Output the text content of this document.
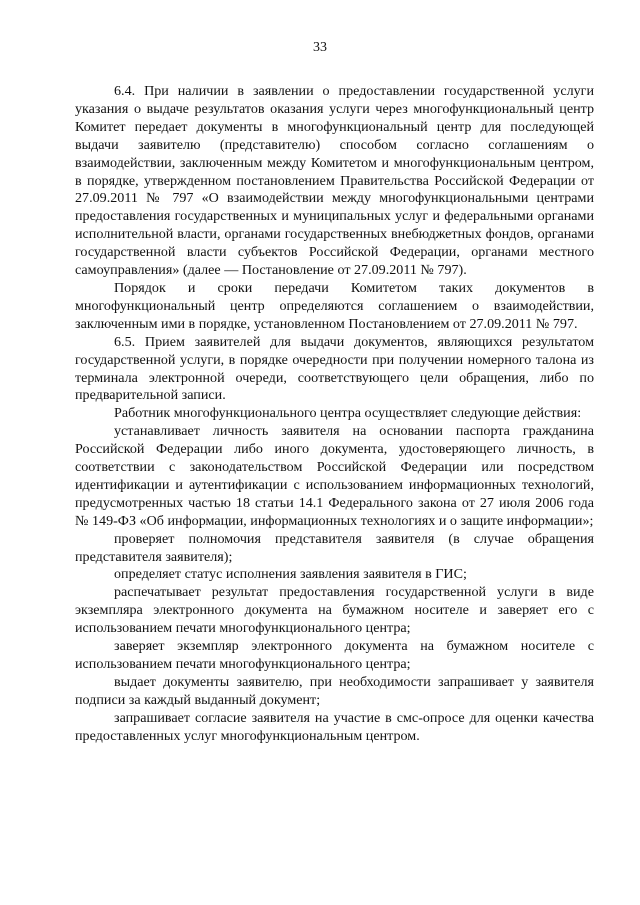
33

6.4. При наличии в заявлении о предоставлении государственной услуги указания о выдаче результатов оказания услуги через многофункциональный центр Комитет передает документы в многофункциональный центр для последующей выдачи заявителю (представителю) способом согласно соглашениям о взаимодействии, заключенным между Комитетом и многофункциональным центром, в порядке, утвержденном постановлением Правительства Российской Федерации от 27.09.2011 № 797 «О взаимодействии между многофункциональными центрами предоставления государственных и муниципальных услуг и федеральными органами исполнительной власти, органами государственных внебюджетных фондов, органами государственной власти субъектов Российской Федерации, органами местного самоуправления» (далее — Постановление от 27.09.2011 № 797).

Порядок и сроки передачи Комитетом таких документов в многофункциональный центр определяются соглашением о взаимодействии, заключенным ими в порядке, установленном Постановлением от 27.09.2011 № 797.

6.5. Прием заявителей для выдачи документов, являющихся результатом государственной услуги, в порядке очередности при получении номерного талона из терминала электронной очереди, соответствующего цели обращения, либо по предварительной записи.

Работник многофункционального центра осуществляет следующие действия:

устанавливает личность заявителя на основании паспорта гражданина Российской Федерации либо иного документа, удостоверяющего личность, в соответствии с законодательством Российской Федерации или посредством идентификации и аутентификации с использованием информационных технологий, предусмотренных частью 18 статьи 14.1 Федерального закона от 27 июля 2006 года № 149-ФЗ «Об информации, информационных технологиях и о защите информации»;

проверяет полномочия представителя заявителя (в случае обращения представителя заявителя);

определяет статус исполнения заявления заявителя в ГИС;

распечатывает результат предоставления государственной услуги в виде экземпляра электронного документа на бумажном носителе и заверяет его с использованием печати многофункционального центра;

заверяет экземпляр электронного документа на бумажном носителе с использованием печати многофункционального центра;

выдает документы заявителю, при необходимости запрашивает у заявителя подписи за каждый выданный документ;

запрашивает согласие заявителя на участие в смс-опросе для оценки качества предоставленных услуг многофункциональным центром.
